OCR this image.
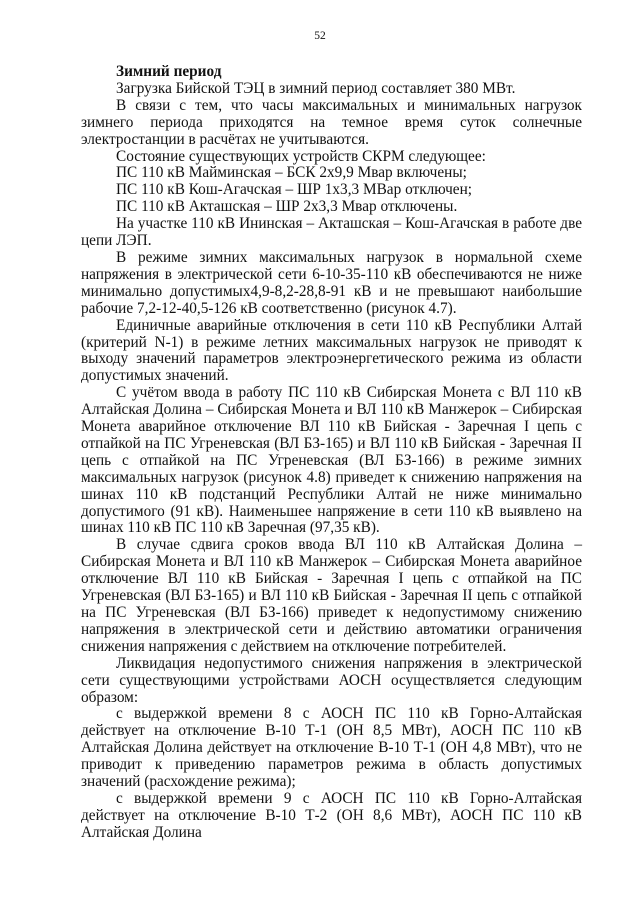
52

Зимний период

Загрузка Бийской ТЭЦ в зимний период составляет 380 МВт.

В связи с тем, что часы максимальных и минимальных нагрузок зимнего периода приходятся на темное время суток солнечные электростанции в расчётах не учитываются.

Состояние существующих устройств СКРМ следующее:

ПС 110 кВ Майминская – БСК 2х9,9 Мвар включены;

ПС 110 кВ Кош-Агачская – ШР 1х3,3 МВар отключен;

ПС 110 кВ Акташская – ШР 2х3,3 Мвар отключены.

На участке 110 кВ Ининская – Акташская – Кош-Агачская в работе две цепи ЛЭП.

В режиме зимних максимальных нагрузок в нормальной схеме напряжения в электрической сети 6-10-35-110 кВ обеспечиваются не ниже минимально допустимых4,9-8,2-28,8-91 кВ и не превышают наибольшие рабочие 7,2-12-40,5-126 кВ соответственно (рисунок 4.7).

Единичные аварийные отключения в сети 110 кВ Республики Алтай (критерий N-1) в режиме летних максимальных нагрузок не приводят к выходу значений параметров электроэнергетического режима из области допустимых значений.

С учётом ввода в работу ПС 110 кВ Сибирская Монета с ВЛ 110 кВ Алтайская Долина – Сибирская Монета и ВЛ 110 кВ Манжерок – Сибирская Монета аварийное отключение ВЛ 110 кВ Бийская - Заречная I цепь с отпайкой на ПС Угреневская (ВЛ БЗ-165) и ВЛ 110 кВ Бийская - Заречная II цепь с отпайкой на ПС Угреневская (ВЛ БЗ-166) в режиме зимних максимальных нагрузок (рисунок 4.8) приведет к снижению напряжения на шинах 110 кВ подстанций Республики Алтай не ниже минимально допустимого (91 кВ). Наименьшее напряжение в сети 110 кВ выявлено на шинах 110 кВ ПС 110 кВ Заречная (97,35 кВ).

В случае сдвига сроков ввода ВЛ 110 кВ Алтайская Долина – Сибирская Монета и ВЛ 110 кВ Манжерок – Сибирская Монета аварийное отключение ВЛ 110 кВ Бийская - Заречная I цепь с отпайкой на ПС Угреневская (ВЛ БЗ-165) и ВЛ 110 кВ Бийская - Заречная II цепь с отпайкой на ПС Угреневская (ВЛ БЗ-166) приведет к недопустимому снижению напряжения в электрической сети и действию автоматики ограничения снижения напряжения с действием на отключение потребителей.

Ликвидация недопустимого снижения напряжения в электрической сети существующими устройствами АОСН осуществляется следующим образом:

с выдержкой времени 8 с АОСН ПС 110 кВ Горно-Алтайская действует на отключение В-10 Т-1 (ОН 8,5 МВт), АОСН ПС 110 кВ Алтайская Долина действует на отключение В-10 Т-1 (ОН 4,8 МВт), что не приводит к приведению параметров режима в область допустимых значений (расхождение режима);

с выдержкой времени 9 с АОСН ПС 110 кВ Горно-Алтайская действует на отключение В-10 Т-2 (ОН 8,6 МВт), АОСН ПС 110 кВ Алтайская Долина
